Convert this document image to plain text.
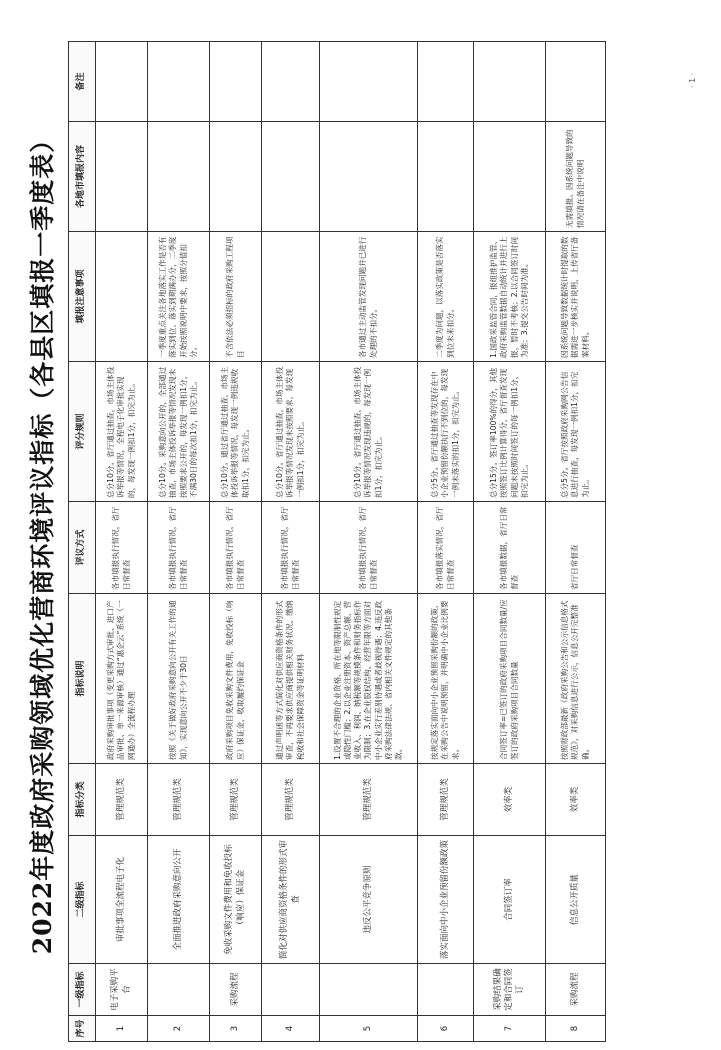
2022年度政府采购领域优化营商环境评议指标（各县区填报一季度表）
序号	一级指标	二级指标	指标分类	指标说明	评议方式	评分规则	填报注意事项	各地市填报内容	备注
1	电子采购平台	审批事项全流程电子化	管理规范类	政府采购审批事项（变更采购方式审批、进口产品审批、单一来源审核）通过“惠企云”系统（一网通办）全流程办理	各市填报执行情况，省厅日常督查	总分10分。省厅通过抽查，市场主体投诉举报等情况，全程电子化审批实现的，每发现一例扣1分，扣完为止。			
2		全面推进政府采购意向公开	管理规范类	按照《关于做好政府采购意向公开有关工作的通知》，实现意向公开不少于30日	各市填报执行情况，省厅日常督查	总分10分。采购意向公开的，全部通过抽查，市场主体投诉举报等情况发现未按照要求公开的，每发现一例扣1分，不满30日的每次扣1分，扣完为止。	一季度重点关注各地落实工作是否有落实到位、落实到期满办分，二季度开始按照说明中要求，按照分值扣分。		
3	采购流程	免收采购文件费用和免收投标（响应）保证金	管理规范类	政府采购项目免收采购文件费用，免收投标（响应）保证金，收取履约保证金	各市填报执行情况，省厅日常督查	总分10分。通过省厅通过抽查，市场主体投诉举报等情况，每发现一例违规收取扣1分，扣完为止。	不含依法必须招标的政府采购工程项目		
4		简化对供应商资格条件的形式审查	管理规范类	通过声明函等方式简化对供应商资格条件的形式审查，不再要求供应商提供相关财务状况、缴纳税收和社会保障资金等证明材料	各市填报执行情况，省厅日常督查	总分10分。省厅通过抽查，市场主体投诉举报等情况发现未按照要求，每发现一例扣1分，扣完为止。			
5		违反公平竞争原则	管理规范类	1.设置不合理的企业资格、所在地等限制性规定或隐性门槛；2.以企业注册资本、资产总额、营业收入、利润、纳税额等规模条件和财务指标作为限制；3.在企业股权结构、经营年限等方面对中小企业实行差别待遇或者歧视待遇；4.违反政府采购法律法规、省内相关文件规定的其他条款。	各市填报执行情况，省厅日常督查	总分10分。省厅通过抽查，市场主体投诉举报等情况发现违规的，每发现一例扣1分，扣完为止。	各市通过主动监管发现问题并已进行处理的不扣分。		
6		落实面向中小企业预留份额政策	管理规范类	按规定落实面向中小企业预留采购份额的政策，在采购公告中说明预留，并明确中小企业比例要求。	各市填报落实情况，省厅日常督查	总分5分。省厅通过抽查等发现存在中小企业预留份额执行不到位的，每发现一例未落实的扣1分，扣完为止。	二季度为问题，以落实政策是否落实到位未来扣分。		
7	采购结果确定和合同签订	合同签订率	效率类	合同签订率=已签订的政府采购项目合同数量/应签订的政府采购项目合同数量	各市填报数据，省厅日常督查	总分15分。签订率100%的得分，其他按照签订比例计算得分，省厅督查发现问题未按照时间签订的每一例扣1分，扣完为止。	1.国政采监管合同，报组推护监管、政府采购监管数据自动统计并进行上报，暂时不考核；2.以合同签订时间为准；3.提交公告时间为准。		
8	采购流程	信息公开质量	效率类	按照财政部最新《政府采购公告和公示信息格式规范》，对采购信息进行公示，信息公开完整准确。	省厅日常督查	总分5分。省厅按照政府采购网公告信息进行抽查，每发现一例扣1分，扣完为止。	因系统问题导致数据统计时提取的数据需进一步核实并说明，上传省厅备案材料。	无需填报。因系统问题导致的情况请在备注中说明	
· 1 ·
